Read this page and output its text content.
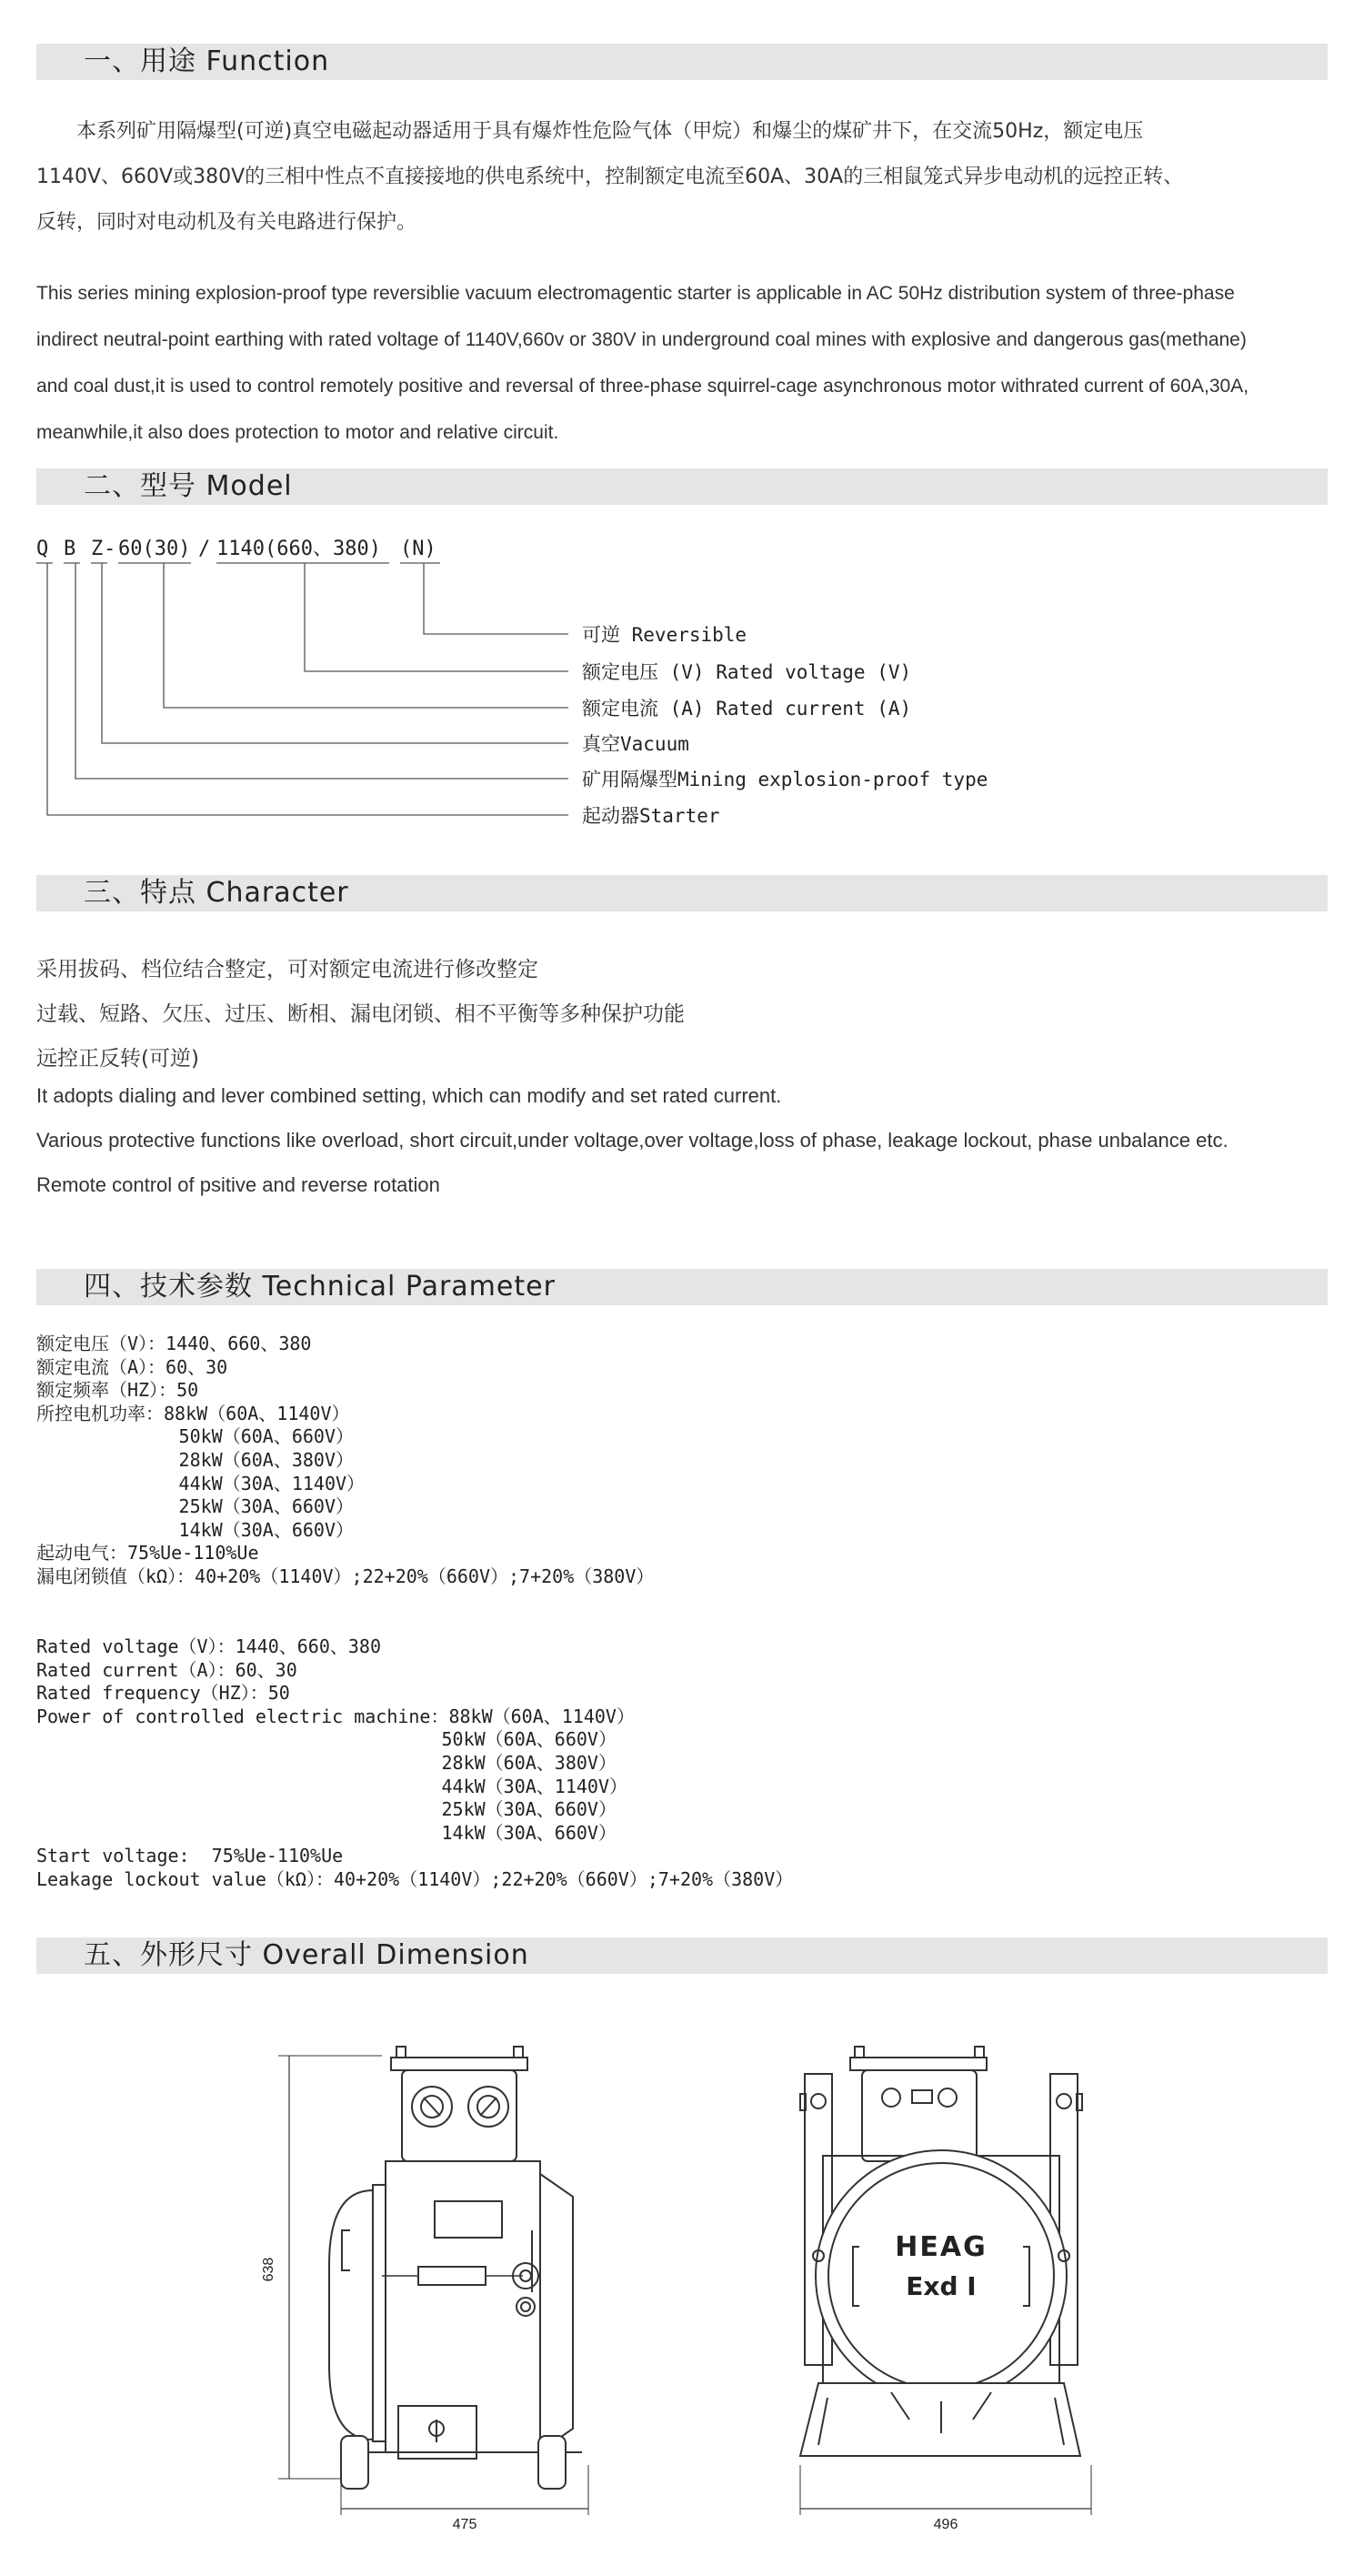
一、用途 Function
　　本系列矿用隔爆型(可逆)真空电磁起动器适用于具有爆炸性危险气体（甲烷）和爆尘的煤矿井下，在交流50Hz，额定电压
1140V、660V或380V的三相中性点不直接接地的供电系统中，控制额定电流至60A、30A的三相鼠笼式异步电动机的远控正转、
反转，同时对电动机及有关电路进行保护。
This series mining explosion-proof type reversiblie vacuum electromagentic starter is applicable in AC 50Hz distribution system of three-phase
indirect neutral-point earthing with rated voltage of 1140V,660v or 380V in underground coal mines with explosive and dangerous gas(methane)
and coal dust,it is used to control remotely positive and reversal of three-phase squirrel-cage asynchronous motor withrated current of 60A,30A,
meanwhile,it also does protection to motor and relative circuit.
二、型号 Model
Q B Z - 60(30) / 1140(660、380) (N)
可逆 Reversible
额定电压 (V) Rated voltage (V)
额定电流 (A) Rated current (A)
真空Vacuum
矿用隔爆型Mining explosion-proof type
起动器Starter
三、特点 Character
采用拔码、档位结合整定，可对额定电流进行修改整定
过载、短路、欠压、过压、断相、漏电闭锁、相不平衡等多种保护功能
远控正反转(可逆)
It adopts dialing and lever combined setting, which can modify and set rated current.
Various protective functions like overload, short circuit,under voltage,over voltage,loss of phase, leakage lockout, phase unbalance etc.
Remote control of psitive and reverse rotation
四、技术参数 Technical Parameter
额定电压（V）：1440、660、380
额定电流（A）：60、30
额定频率（HZ）：50
所控电机功率：88kW（60A、1140V）
50kW（60A、660V）
28kW（60A、380V）
44kW（30A、1140V）
25kW（30A、660V）
14kW（30A、660V）
起动电气：75%Ue-110%Ue
漏电闭锁值（kΩ）：40+20%（1140V）;22+20%（660V）;7+20%（380V）
Rated voltage（V）：1440、660、380
Rated current（A）：60、30
Rated frequency（HZ）：50
Power of controlled electric machine：88kW（60A、1140V）
50kW（60A、660V）
28kW（60A、380V）
44kW（30A、1140V）
25kW（30A、660V）
14kW（30A、660V）
Start voltage:  75%Ue-110%Ue
Leakage lockout value（kΩ）：40+20%（1140V）;22+20%（660V）;7+20%（380V）
五、外形尺寸 Overall Dimension
638
475
HEAG
Exd I
496
